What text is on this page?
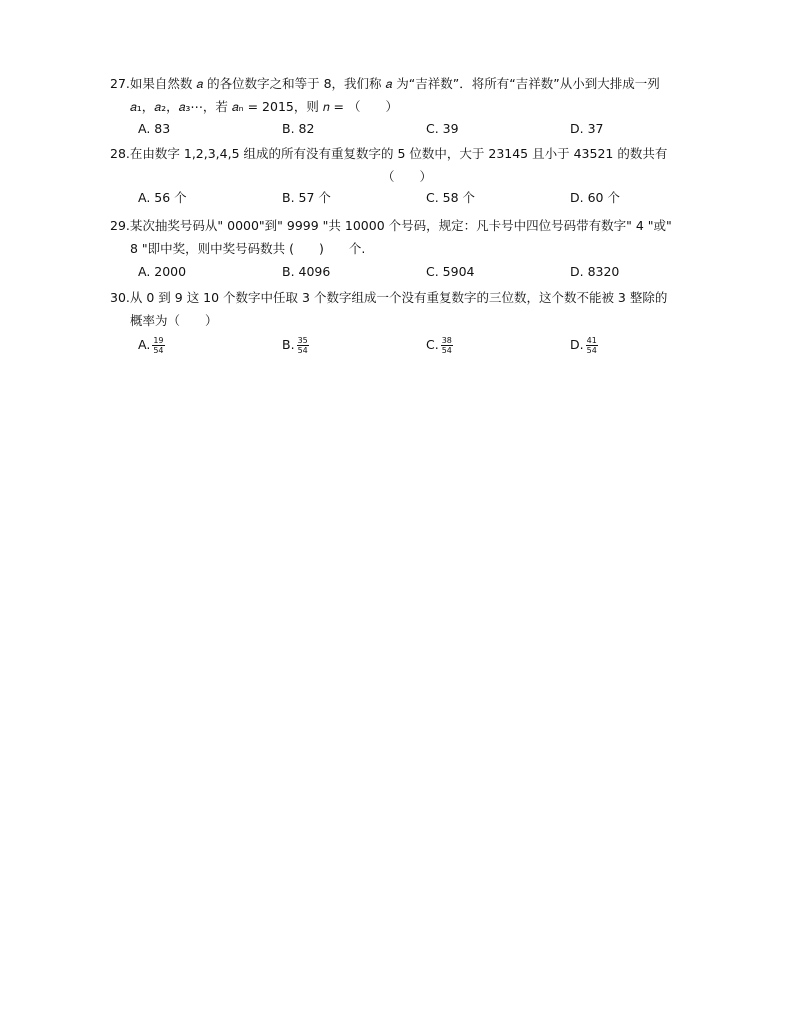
27.如果自然数 𝑎 的各位数字之和等于 8，我们称 𝑎 为“吉祥数”．将所有“吉祥数”从小到大排成一列
𝑎₁，𝑎₂，𝑎₃⋯，若 𝑎ₙ = 2015，则 𝑛 = （　　）
A. 83	B. 82	C. 39	D. 37
28.在由数字 1,2,3,4,5 组成的所有没有重复数字的 5 位数中，大于 23145 且小于 43521 的数共有
（　　）
A. 56 个	B. 57 个	C. 58 个	D. 60 个
29.某次抽奖号码从" 0000"到" 9999 "共 10000 个号码，规定：凡卡号中四位号码带有数字" 4 "或"
8 "即中奖，则中奖号码数共 (　　)　　个.
A. 2000	B. 4096	C. 5904	D. 8320
30.从 0 到 9 这 10 个数字中任取 3 个数字组成一个没有重复数字的三位数，这个数不能被 3 整除的
概率为（　　）
A. $\frac{19}{54}$	B. $\frac{35}{54}$	C. $\frac{38}{54}$	D. $\frac{41}{54}$
